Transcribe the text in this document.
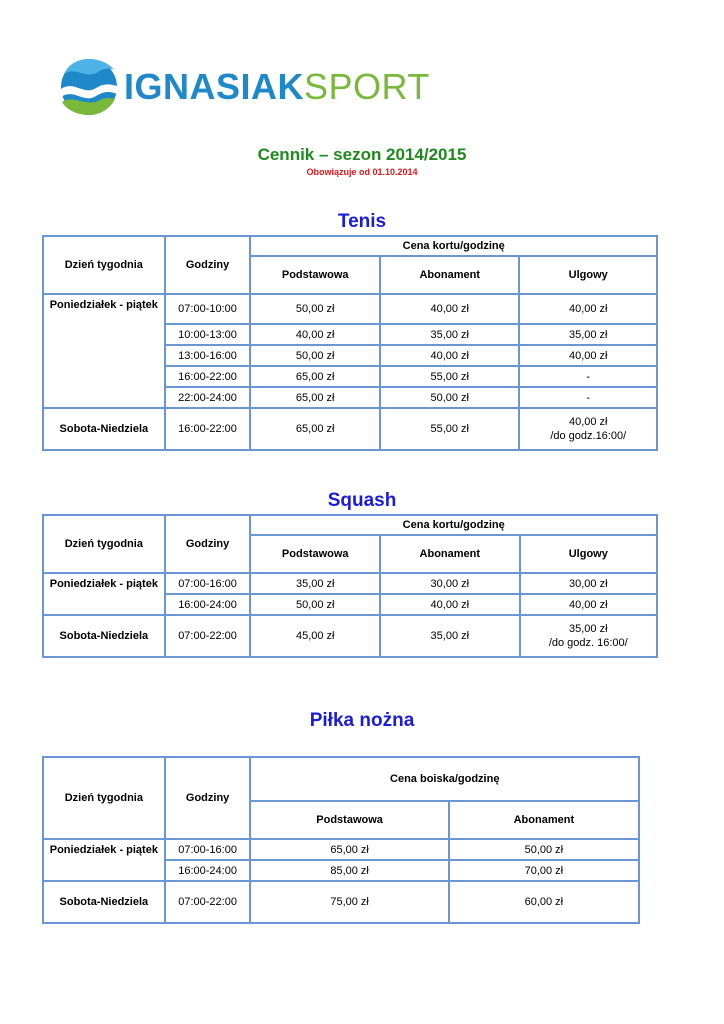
IGNASIAKSPORT
Cennik – sezon 2014/2015
Obowiązuje od 01.10.2014
Tenis
Dzień tygodnia	Godziny	Cena kortu/godzinę		
		Podstawowa	Abonament	Ulgowy
Poniedziałek - piątek	07:00-10:00	50,00 zł	40,00 zł	40,00 zł
	10:00-13:00	40,00 zł	35,00 zł	35,00 zł
	13:00-16:00	50,00 zł	40,00 zł	40,00 zł
	16:00-22:00	65,00 zł	55,00 zł	-
	22:00-24:00	65,00 zł	50,00 zł	-
Sobota-Niedziela	16:00-22:00	65,00 zł	55,00 zł	40,00 zł
/do godz.16:00/
Squash
Dzień tygodnia	Godziny	Cena kortu/godzinę		
		Podstawowa	Abonament	Ulgowy
Poniedziałek - piątek	07:00-16:00	35,00 zł	30,00 zł	30,00 zł
	16:00-24:00	50,00 zł	40,00 zł	40,00 zł
Sobota-Niedziela	07:00-22:00	45,00 zł	35,00 zł	35,00 zł
/do godz. 16:00/
Piłka nożna
Dzień tygodnia	Godziny	Cena boiska/godzinę	
		Podstawowa	Abonament
Poniedziałek - piątek	07:00-16:00	65,00 zł	50,00 zł
	16:00-24:00	85,00 zł	70,00 zł
Sobota-Niedziela	07:00-22:00	75,00 zł	60,00 zł
